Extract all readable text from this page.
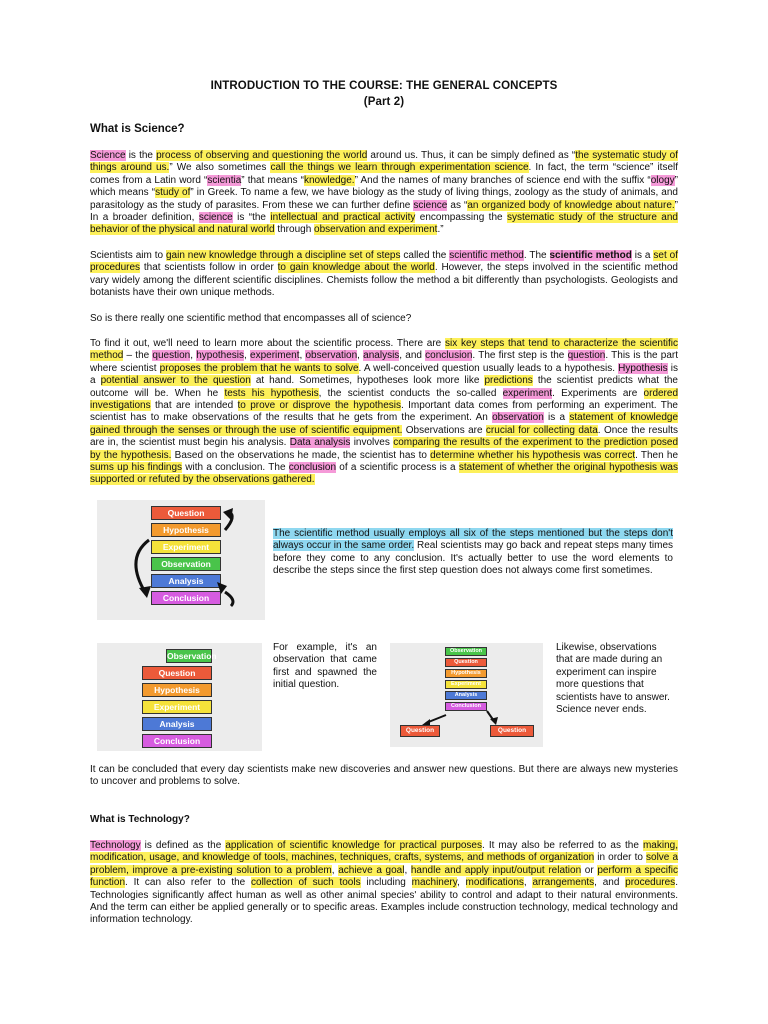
INTRODUCTION TO THE COURSE: THE GENERAL CONCEPTS
(Part 2)
What is Science?

Science is the process of observing and questioning the world around us. Thus, it can be simply defined as “the systematic study of things around us.” We also sometimes call the things we learn through experimentation science. In fact, the term “science” itself comes from a Latin word “scientia” that means “knowledge.” And the names of many branches of science end with the suffix “ology” which means “study of” in Greek. To name a few, we have biology as the study of living things, zoology as the study of animals, and parasitology as the study of parasites. From these we can further define science as “an organized body of knowledge about nature.” In a broader definition, science is “the intellectual and practical activity encompassing the systematic study of the structure and behavior of the physical and natural world through observation and experiment.”

Scientists aim to gain new knowledge through a discipline set of steps called the scientific method. The scientific method is a set of procedures that scientists follow in order to gain knowledge about the world. However, the steps involved in the scientific method vary widely among the different scientific disciplines. Chemists follow the method a bit differently than psychologists. Geologists and botanists have their own unique methods.

So is there really one scientific method that encompasses all of science?

To find it out, we'll need to learn more about the scientific process. There are six key steps that tend to characterize the scientific method – the question, hypothesis, experiment, observation, analysis, and conclusion. The first step is the question. This is the part where scientist proposes the problem that he wants to solve. A well-conceived question usually leads to a hypothesis. Hypothesis is a potential answer to the question at hand. Sometimes, hypotheses look more like predictions the scientist predicts what the outcome will be. When he tests his hypothesis, the scientist conducts the so-called experiment. Experiments are ordered investigations that are intended to prove or disprove the hypothesis. Important data comes from performing an experiment. The scientist has to make observations of the results that he gets from the experiment. An observation is a statement of knowledge gained through the senses or through the use of scientific equipment. Observations are crucial for collecting data. Once the results are in, the scientist must begin his analysis. Data analysis involves comparing the results of the experiment to the prediction posed by the hypothesis. Based on the observations he made, the scientist has to determine whether his hypothesis was correct. Then he sums up his findings with a conclusion. The conclusion of a scientific process is a statement of whether the original hypothesis was supported or refuted by the observations gathered.

Question
Hypothesis
Experiment
Observation
Analysis
Conclusion

The scientific method usually employs all six of the steps mentioned but the steps don't always occur in the same order. Real scientists may go back and repeat steps many times before they come to any conclusion. It's actually better to use the word elements to describe the steps since the first step question does not always come first sometimes.

Observation
Question
Hypothesis
Experiment
Analysis
Conclusion

For example, it's an observation that came first and spawned the initial question.

Observation
Question
Hypothesis
Experiment
Analysis
Conclusion
Question	Question

Likewise, observations that are made during an experiment can inspire more questions that scientists have to answer. Science never ends.

It can be concluded that every day scientists make new discoveries and answer new questions. But there are always new mysteries to uncover and problems to solve.

What is Technology?

Technology is defined as the application of scientific knowledge for practical purposes. It may also be referred to as the making, modification, usage, and knowledge of tools, machines, techniques, crafts, systems, and methods of organization in order to solve a problem, improve a pre-existing solution to a problem, achieve a goal, handle and apply input/output relation or perform a specific function. It can also refer to the collection of such tools including machinery, modifications, arrangements, and procedures. Technologies significantly affect human as well as other animal species' ability to control and adapt to their natural environments. And the term can either be applied generally or to specific areas. Examples include construction technology, medical technology and information technology.
